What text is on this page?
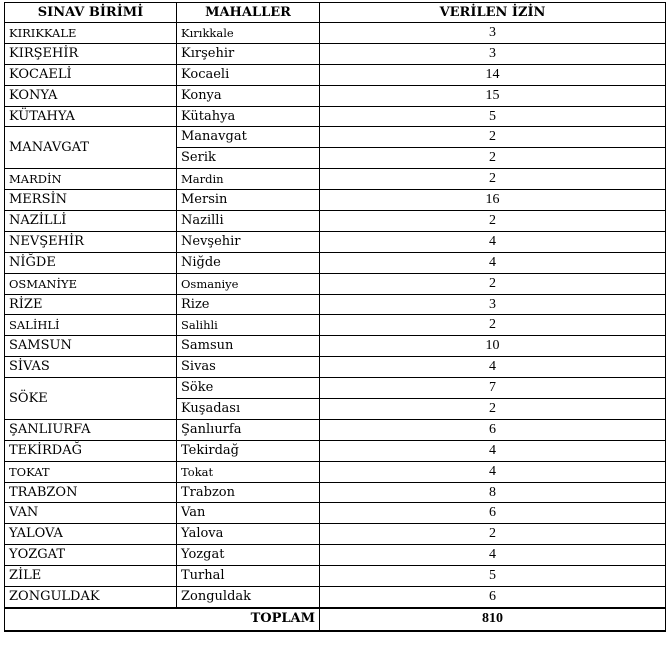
SINAV BİRİMİ	MAHALLER	VERİLEN İZİN
KIRIKKALE	Kırıkkale	3
KIRŞEHİR	Kırşehir	3
KOCAELİ	Kocaeli	14
KONYA	Konya	15
KÜTAHYA	Kütahya	5
MANAVGAT	Manavgat	2
	Serik	2
MARDİN	Mardin	2
MERSİN	Mersin	16
NAZİLLİ	Nazilli	2
NEVŞEHİR	Nevşehir	4
NİĞDE	Niğde	4
OSMANİYE	Osmaniye	2
RİZE	Rize	3
SALİHLİ	Salihli	2
SAMSUN	Samsun	10
SİVAS	Sivas	4
SÖKE	Söke	7
	Kuşadası	2
ŞANLIURFA	Şanlıurfa	6
TEKİRDAĞ	Tekirdağ	4
TOKAT	Tokat	4
TRABZON	Trabzon	8
VAN	Van	6
YALOVA	Yalova	2
YOZGAT	Yozgat	4
ZİLE	Turhal	5
ZONGULDAK	Zonguldak	6
	TOPLAM	810
